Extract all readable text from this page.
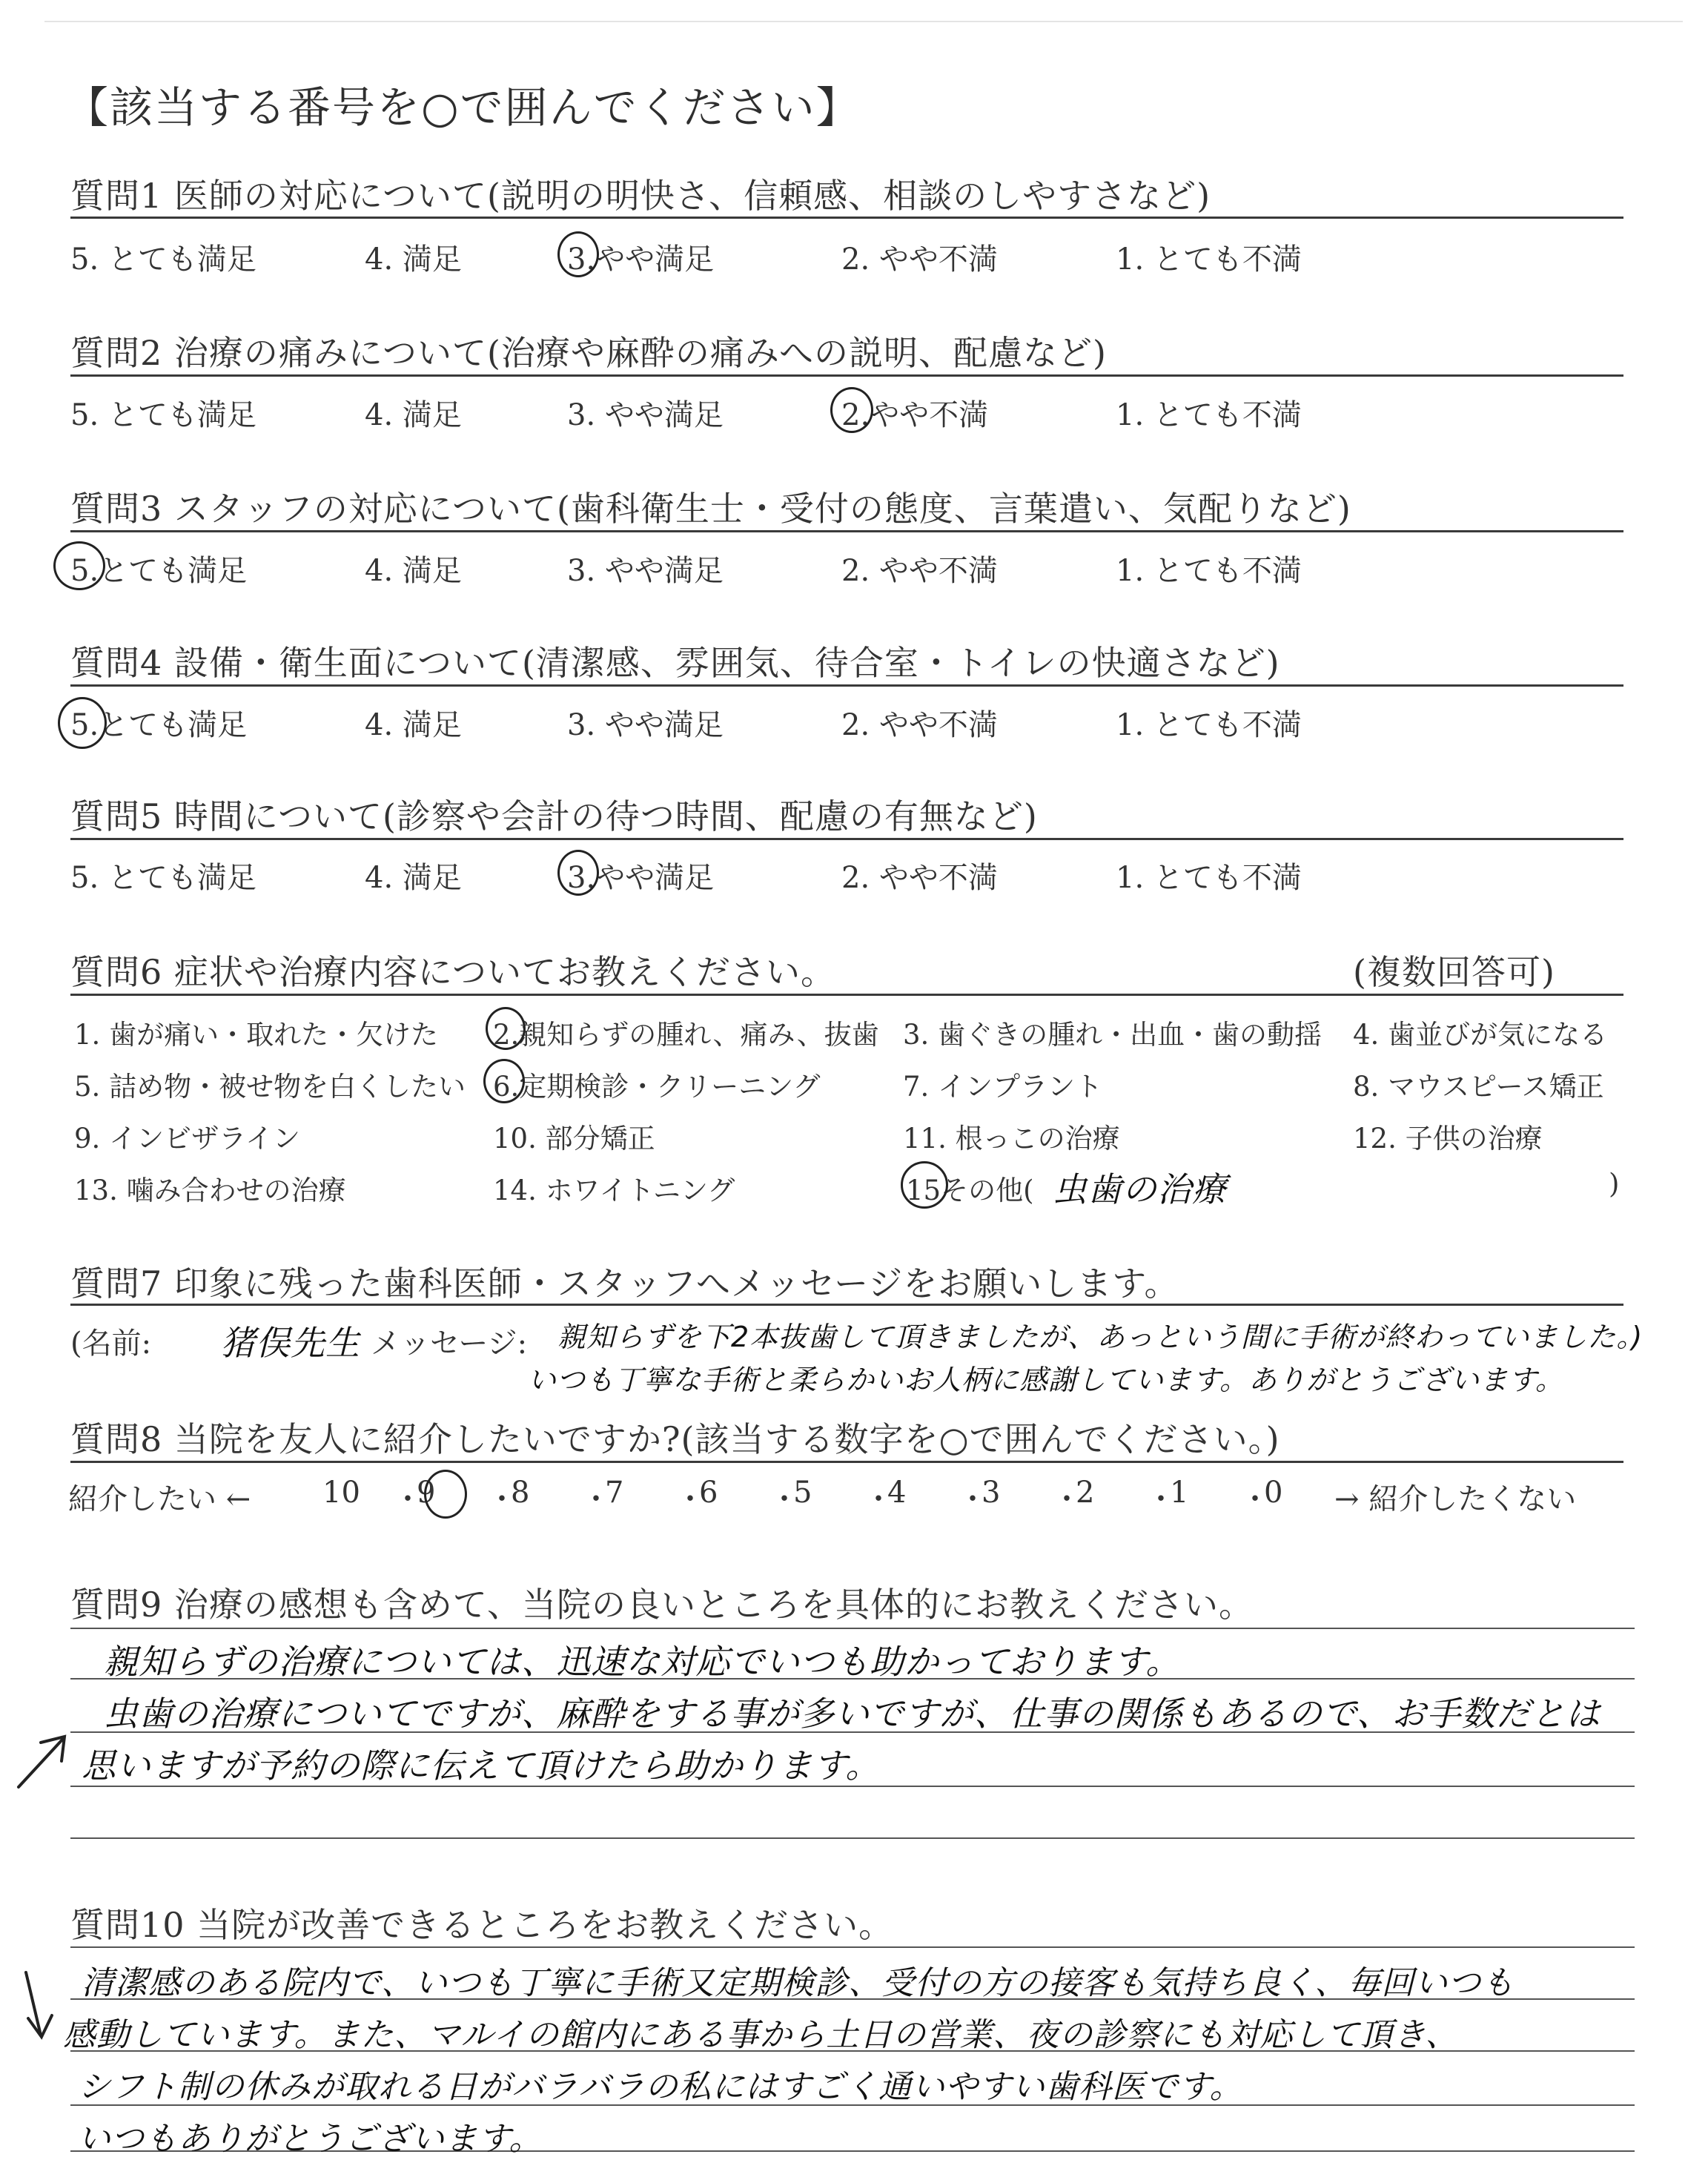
【該当する番号を○で囲んでください】
質問1 医師の対応について(説明の明快さ、信頼感、相談のしやすさなど)
5. とても満足	4. 満足	3.やや満足	2. やや不満	1. とても不満
質問2 治療の痛みについて(治療や麻酔の痛みへの説明、配慮など)
5. とても満足	4. 満足	3. やや満足	2.やや不満	1. とても不満
質問3 スタッフの対応について(歯科衛生士・受付の態度、言葉遣い、気配りなど)
5.とても満足	4. 満足	3. やや満足	2. やや不満	1. とても不満
質問4 設備・衛生面について(清潔感、雰囲気、待合室・トイレの快適さなど)
5.とても満足	4. 満足	3. やや満足	2. やや不満	1. とても不満
質問5 時間について(診察や会計の待つ時間、配慮の有無など)
5. とても満足	4. 満足	3.やや満足	2. やや不満	1. とても不満
質問6 症状や治療内容についてお教えください。	(複数回答可)
1. 歯が痛い・取れた・欠けた 2.親知らずの腫れ、痛み、抜歯 3. 歯ぐきの腫れ・出血・歯の動揺 4. 歯並びが気になる
5. 詰め物・被せ物を白くしたい 6.定期検診・クリーニング	7. インプラント	8. マウスピース矯正
9. インビザライン	10. 部分矯正	11. 根っこの治療	12. 子供の治療
13. 噛み合わせの治療	14. ホワイトニング	15その他( 虫歯の治療	)
質問7 印象に残った歯科医師・スタッフへメッセージをお願いします。
(名前: 猪俣先生 メッセージ: 親知らずを下2本抜歯して頂きましたが、あっという間に手術が終わっていました。)
いつも丁寧な手術と柔らかいお人柄に感謝しています。ありがとうございます。
質問8 当院を友人に紹介したいですか?(該当する数字を○で囲んでください。)
紹介したい ← 10 ・
9 ・
8 ・
7 ・
6 ・
5 ・
4 ・
3 ・
2 ・
1 ・
0 → 紹介したくない
質問9 治療の感想も含めて、当院の良いところを具体的にお教えください。
親知らずの治療については、迅速な対応でいつも助かっております。
虫歯の治療についてですが、麻酔をする事が多いですが、仕事の関係もあるので、お手数だとは
思いますが予約の際に伝えて頂けたら助かります。
質問10 当院が改善できるところをお教えください。
清潔感のある院内で、いつも丁寧に手術又定期検診、受付の方の接客も気持ち良く、毎回いつも
感動しています。また、マルイの館内にある事から土日の営業、夜の診察にも対応して頂き、
シフト制の休みが取れる日がバラバラの私にはすごく通いやすい歯科医です。
いつもありがとうございます。
